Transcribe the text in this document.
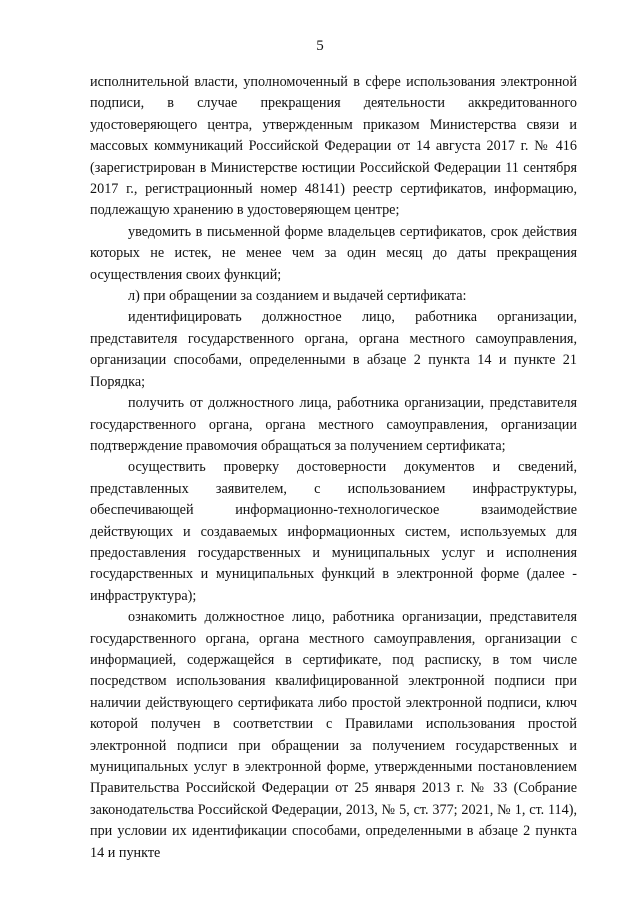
5

исполнительной власти, уполномоченный в сфере использования электронной подписи, в случае прекращения деятельности аккредитованного удостоверяющего центра, утвержденным приказом Министерства связи и массовых коммуникаций Российской Федерации от 14 августа 2017 г. № 416 (зарегистрирован в Министерстве юстиции Российской Федерации 11 сентября 2017 г., регистрационный номер 48141) реестр сертификатов, информацию, подлежащую хранению в удостоверяющем центре;

уведомить в письменной форме владельцев сертификатов, срок действия которых не истек, не менее чем за один месяц до даты прекращения осуществления своих функций;

л) при обращении за созданием и выдачей сертификата:

идентифицировать должностное лицо, работника организации, представителя государственного органа, органа местного самоуправления, организации способами, определенными в абзаце 2 пункта 14 и пункте 21 Порядка;

получить от должностного лица, работника организации, представителя государственного органа, органа местного самоуправления, организации подтверждение правомочия обращаться за получением сертификата;

осуществить проверку достоверности документов и сведений, представленных заявителем, с использованием инфраструктуры, обеспечивающей информационно-технологическое взаимодействие действующих и создаваемых информационных систем, используемых для предоставления государственных и муниципальных услуг и исполнения государственных и муниципальных функций в электронной форме (далее - инфраструктура);

ознакомить должностное лицо, работника организации, представителя государственного органа, органа местного самоуправления, организации с информацией, содержащейся в сертификате, под расписку, в том числе посредством использования квалифицированной электронной подписи при наличии действующего сертификата либо простой электронной подписи, ключ которой получен в соответствии с Правилами использования простой электронной подписи при обращении за получением государственных и муниципальных услуг в электронной форме, утвержденными постановлением Правительства Российской Федерации от 25 января 2013 г. № 33 (Собрание законодательства Российской Федерации, 2013, № 5, ст. 377; 2021, № 1, ст. 114), при условии их идентификации способами, определенными в абзаце 2 пункта 14 и пункте
